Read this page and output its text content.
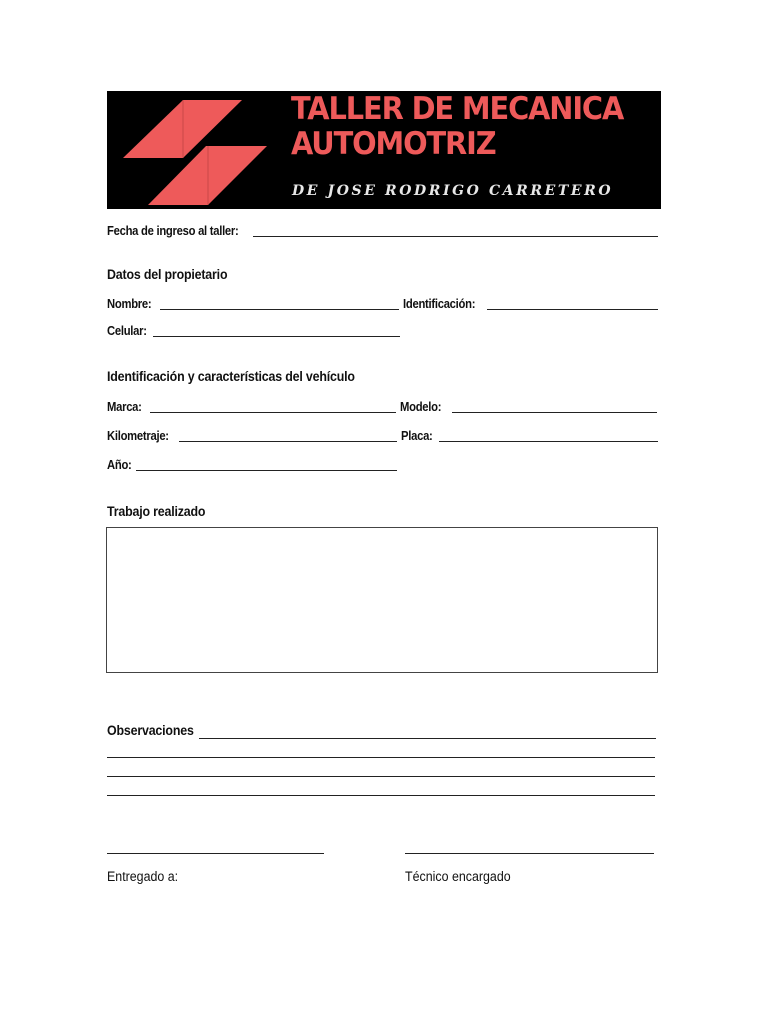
TALLER DE MECANICA
AUTOMOTRIZ
DE JOSE RODRIGO CARRETERO
Fecha de ingreso al taller:
Datos del propietario
Nombre:	Identificación:
Celular:
Identificación y características del vehículo
Marca:	Modelo:
Kilometraje:	Placa:
Año:
Trabajo realizado
Observaciones
Entregado a:	Técnico encargado
